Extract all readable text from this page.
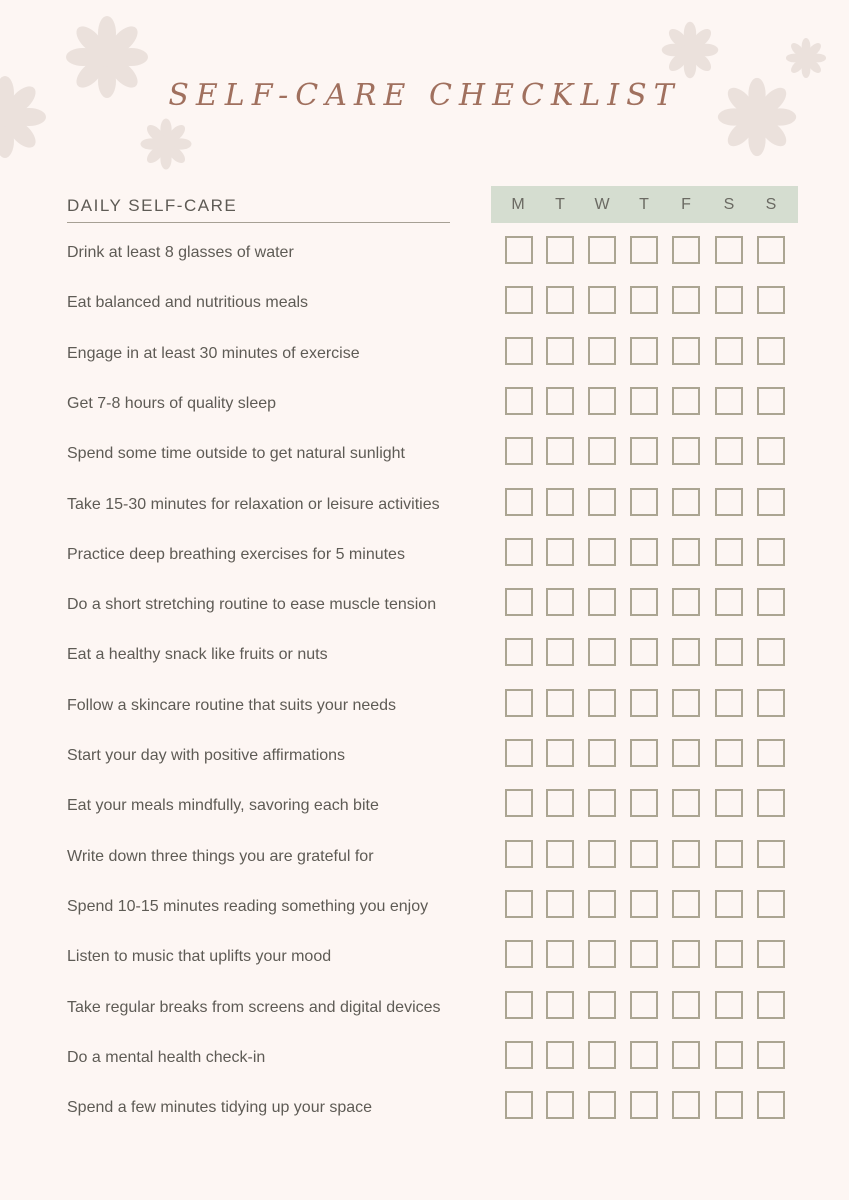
SELF-CARE CHECKLIST
DAILY SELF-CARE	M	T	W	T	F	S	S
Drink at least 8 glasses of water
Eat balanced and nutritious meals
Engage in at least 30 minutes of exercise
Get 7-8 hours of quality sleep
Spend some time outside to get natural sunlight
Take 15-30 minutes for relaxation or leisure activities
Practice deep breathing exercises for 5 minutes
Do a short stretching routine to ease muscle tension
Eat a healthy snack like fruits or nuts
Follow a skincare routine that suits your needs
Start your day with positive affirmations
Eat your meals mindfully, savoring each bite
Write down three things you are grateful for
Spend 10-15 minutes reading something you enjoy
Listen to music that uplifts your mood
Take regular breaks from screens and digital devices
Do a mental health check-in
Spend a few minutes tidying up your space
